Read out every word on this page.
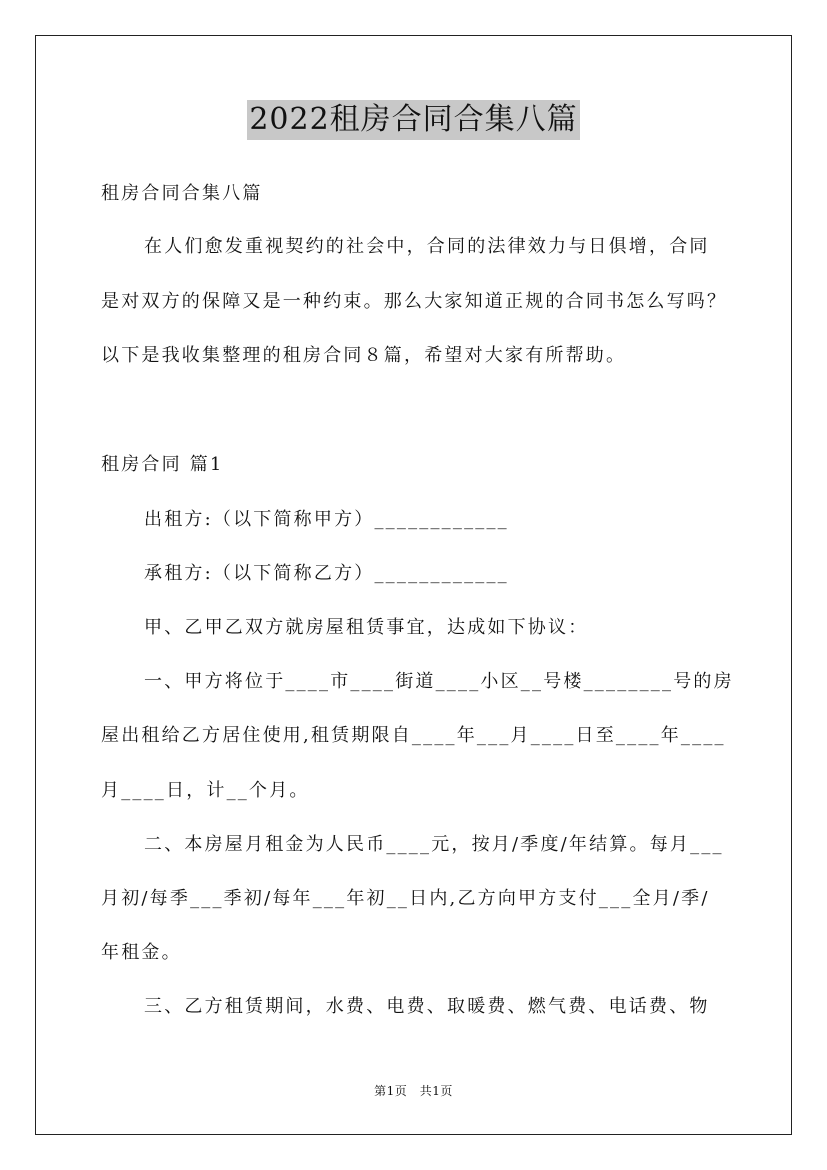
2022租房合同合集八篇
租房合同合集八篇
在人们愈发重视契约的社会中，合同的法律效力与日俱增，合同
是对双方的保障又是一种约束。那么大家知道正规的合同书怎么写吗？
以下是我收集整理的租房合同８篇，希望对大家有所帮助。
租房合同 篇1
出租方:（以下简称甲方）____________
承租方:（以下简称乙方）____________
甲、乙甲乙双方就房屋租赁事宜，达成如下协议：
一、甲方将位于____市____街道____小区__号楼________号的房
屋出租给乙方居住使用,租赁期限自____年___月____日至____年____
月____日，计__个月。
二、本房屋月租金为人民币____元，按月/季度/年结算。每月___
月初/每季___季初/每年___年初__日内,乙方向甲方支付___全月/季/
年租金。
三、乙方租赁期间，水费、电费、取暖费、燃气费、电话费、物
第1页　共1页
